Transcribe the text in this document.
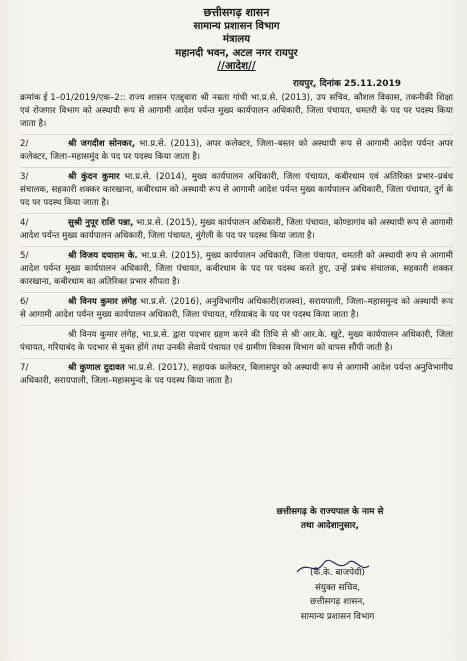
छत्तीसगढ़ शासन
सामान्य प्रशासन विभाग
मंत्रालय
महानदी भवन, अटल नगर रायपुर
//आदेश//
रायपुर, दिनांक 25.11.2019
क्रमांक ई 1–01/2019/एक–2:: राज्य शासन एतद्द्वारा श्री नम्रता गांधी भा.प्र.से. (2013), उप सचिव, कौशल विकास, तकनीकी शिक्षा एवं रोजगार विभाग को अस्थायी रूप से आगामी आदेश पर्यन्त मुख्य कार्यपालन अधिकारी, जिला पंचायत, धमतरी के पद पर पदस्थ किया जाता है।
2/	श्री जगदीश सोनकर, भा.प्र.से. (2013), अपर कलेक्टर, जिला–बस्तर को अस्थायी रूप से आगामी आदेश पर्यन्त अपर कलेक्टर, जिला–महासमुंद के पद पर पदस्थ किया जाता है।
3/	श्री कुंदन कुमार भा.प्र.से. (2014), मुख्य कार्यपालन अधिकारी, जिला पंचायत, कबीरधाम एवं अतिरिक्त प्रभार–प्रबंध संचालक, सहकारी शक्कर कारखाना, कबीरधाम को अस्थायी रूप से आगामी आदेश पर्यन्त मुख्य कार्यपालन अधिकारी, जिला पंचायत, दुर्ग के पद पर पदस्थ किया जाता है।
4/	सुश्री नुपूर राशि पन्ना, भा.प्र.से. (2015), मुख्य कार्यपालन अधिकारी, जिला पंचायत, कोण्डागांव को अस्थायी रूप से आगामी आदेश पर्यन्त मुख्य कार्यपालन अधिकारी, जिला पंचायत, मुंगेली के पद पर पदस्थ किया जाता है।
5/	श्री विजय दयाराम के. भा.प्र.से. (2015), मुख्य कार्यपालन अधिकारी, जिला पंचायत, धमतरी को अस्थायी रूप से आगामी आदेश पर्यन्त मुख्य कार्यपालन अधिकारी, जिला पंचायत, कबीरधाम के पद पर पदस्थ करते हुए, उन्हें प्रबंध संचालक, सहकारी शक्कर कारखाना, कबीरधाम का अतिरिक्त प्रभार सौंपता है।
6/	श्री विनय कुमार लंगेह भा.प्र.से. (2016), अनुविभागीय अधिकारी(राजस्व), सरायपाली, जिला–महासमुन्द को अस्थायी रूप से आगामी आदेश पर्यन्त मुख्य कार्यपालन अधिकारी, जिला पंचायत, गरियाबंद के पद पर पदस्थ किया जाता है।
श्री विनय कुमार लंगेह, भा.प्र.से. द्वारा पदभार ग्रहण करने की तिथि से श्री आर.के. खुटे, मुख्य कार्यपालन अधिकारी, जिला पंचायत, गरियाबंद के पदभार से मुक्त होंगे तथा उनकी सेवायें पंचायत एवं ग्रामीण विकास विभाग को वापस सौंपी जाती है।
7/	श्री कुणाल दुदावत भा.प्र.से. (2017), सहायक कलेक्टर, बिलासपुर को अस्थायी रूप से आगामी आदेश पर्यन्त अनुविभागीय अधिकारी, सरायपाली, जिला–महासमुन्द के पद पदस्थ किया जाता है।
छत्तीसगढ़ के राज्यपाल के नाम से
तथा आदेशानुसार,
(के.के. बाजपेयी)
संयुक्त सचिव,
छत्तीसगढ़ शासन,
सामान्य प्रशासन विभाग
